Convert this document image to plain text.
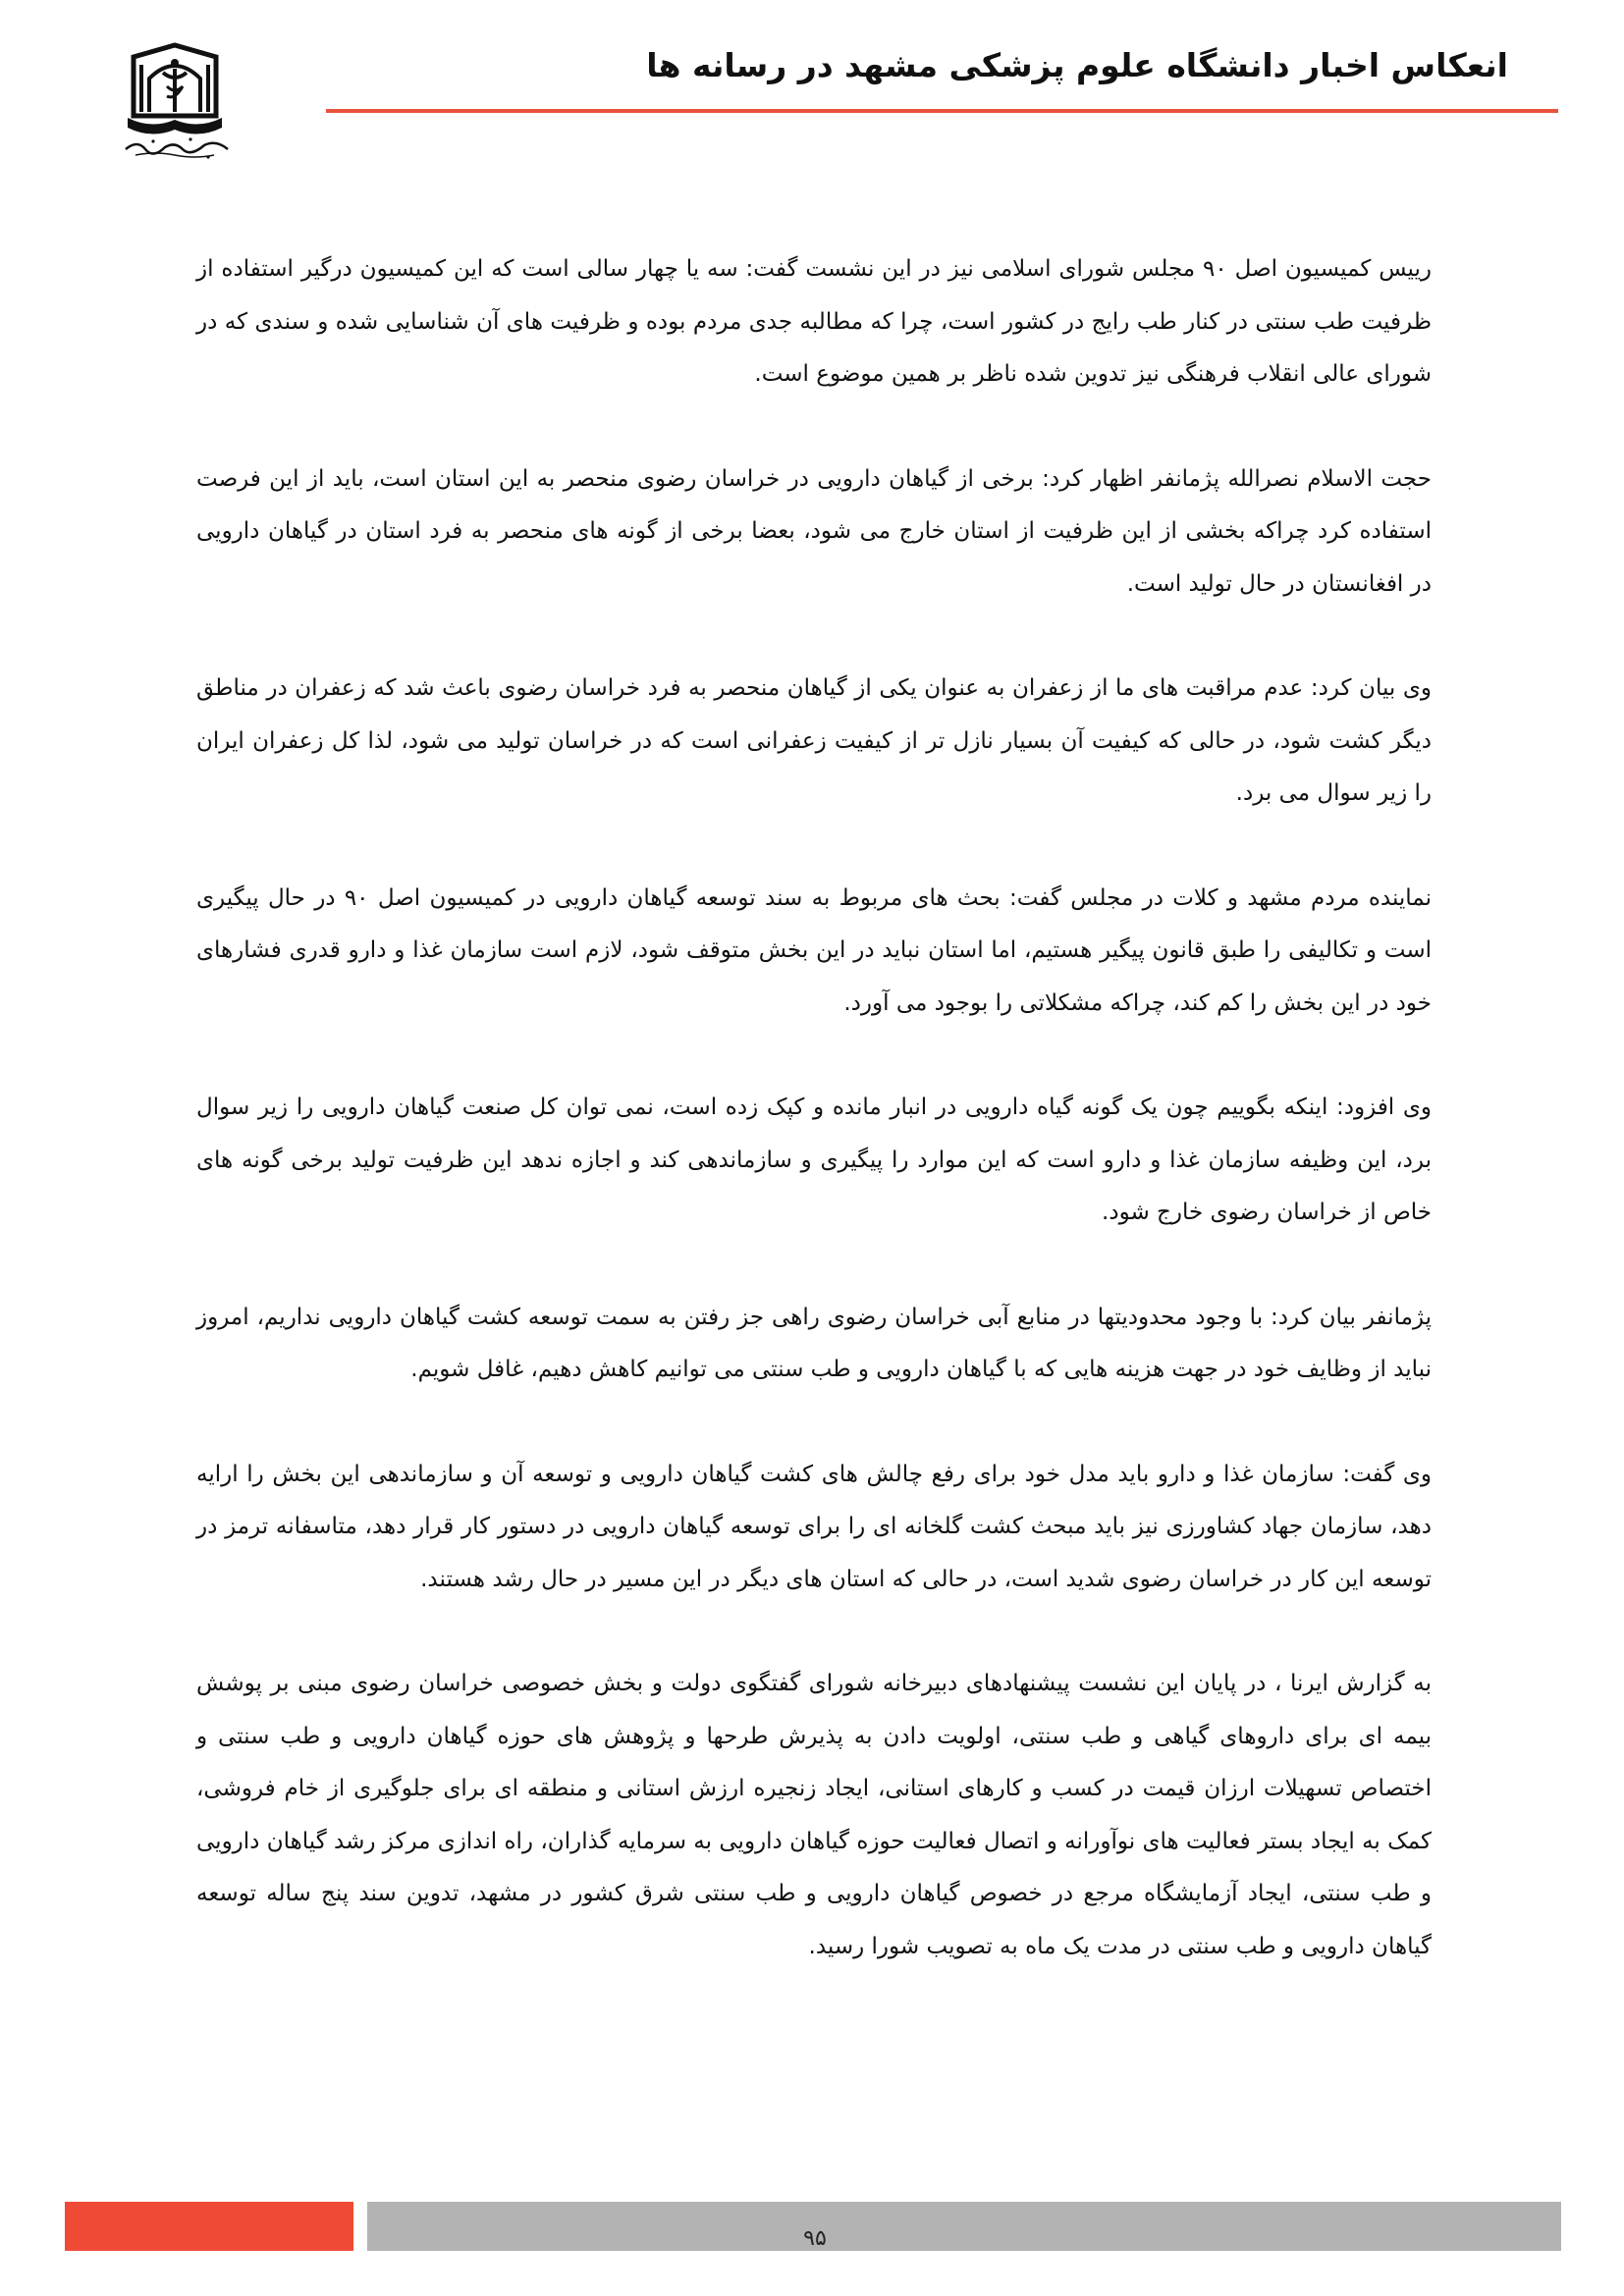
انعکاس اخبار دانشگاه علوم پزشکی مشهد در رسانه ها

رییس کمیسیون اصل ۹۰ مجلس شورای اسلامی نیز در این نشست گفت: سه یا چهار سالی است که این کمیسیون درگیر استفاده از ظرفیت طب سنتی در کنار طب رایج در کشور است، چرا که مطالبه جدی مردم بوده و ظرفیت های آن شناسایی شده و سندی که در شورای عالی انقلاب فرهنگی نیز تدوین شده ناظر بر همین موضوع است.

حجت الاسلام نصرالله پژمانفر اظهار کرد: برخی از گیاهان دارویی در خراسان رضوی منحصر به این استان است، باید از این فرصت استفاده کرد چراکه بخشی از این ظرفیت از استان خارج می شود، بعضا برخی از گونه های منحصر به فرد استان در گیاهان دارویی در افغانستان در حال تولید است.

وی بیان کرد: عدم مراقبت های ما از زعفران به عنوان یکی از گیاهان منحصر به فرد خراسان رضوی باعث شد که زعفران در مناطق دیگر کشت شود، در حالی که کیفیت آن بسیار نازل تر از کیفیت زعفرانی است که در خراسان تولید می شود، لذا کل زعفران ایران را زیر سوال می برد.

نماینده مردم مشهد و کلات در مجلس گفت: بحث های مربوط به سند توسعه گیاهان دارویی در کمیسیون اصل ۹۰ در حال پیگیری است و تکالیفی را طبق قانون پیگیر هستیم، اما استان نباید در این بخش متوقف شود، لازم است سازمان غذا و دارو قدری فشارهای خود در این بخش را کم کند، چراکه مشکلاتی را بوجود می آورد.

وی افزود: اینکه بگوییم چون یک گونه گیاه دارویی در انبار مانده و کپک زده است، نمی توان کل صنعت گیاهان دارویی را زیر سوال برد، این وظیفه سازمان غذا و دارو است که این موارد را پیگیری و سازماندهی کند و اجازه ندهد این ظرفیت تولید برخی گونه های خاص از خراسان رضوی خارج شود.

پژمانفر بیان کرد: با وجود محدودیتها در منابع آبی خراسان رضوی راهی جز رفتن به سمت توسعه کشت گیاهان دارویی نداریم، امروز نباید از وظایف خود در جهت هزینه هایی که با گیاهان دارویی و طب سنتی می توانیم کاهش دهیم، غافل شویم.

وی گفت: سازمان غذا و دارو باید مدل خود برای رفع چالش های کشت گیاهان دارویی و توسعه آن و سازماندهی این بخش را ارایه دهد، سازمان جهاد کشاورزی نیز باید مبحث کشت گلخانه ای را برای توسعه گیاهان دارویی در دستور کار قرار دهد، متاسفانه ترمز در توسعه این کار در خراسان رضوی شدید است، در حالی که استان های دیگر در این مسیر در حال رشد هستند.

به گزارش ایرنا ، در پایان این نشست پیشنهادهای دبیرخانه شورای گفتگوی دولت و بخش خصوصی خراسان رضوی مبنی بر پوشش بیمه ای برای داروهای گیاهی و طب سنتی، اولویت دادن به پذیرش طرحها و پژوهش های حوزه گیاهان دارویی و طب سنتی و اختصاص تسهیلات ارزان قیمت در کسب و کارهای استانی، ایجاد زنجیره ارزش استانی و منطقه ای برای جلوگیری از خام فروشی، کمک به ایجاد بستر فعالیت های نوآورانه و اتصال فعالیت حوزه گیاهان دارویی به سرمایه گذاران، راه اندازی مرکز رشد گیاهان دارویی و طب سنتی، ایجاد آزمایشگاه مرجع در خصوص گیاهان دارویی و طب سنتی شرق کشور در مشهد، تدوین سند پنج ساله توسعه گیاهان دارویی و طب سنتی در مدت یک ماه به تصویب شورا رسید.

۹۵
